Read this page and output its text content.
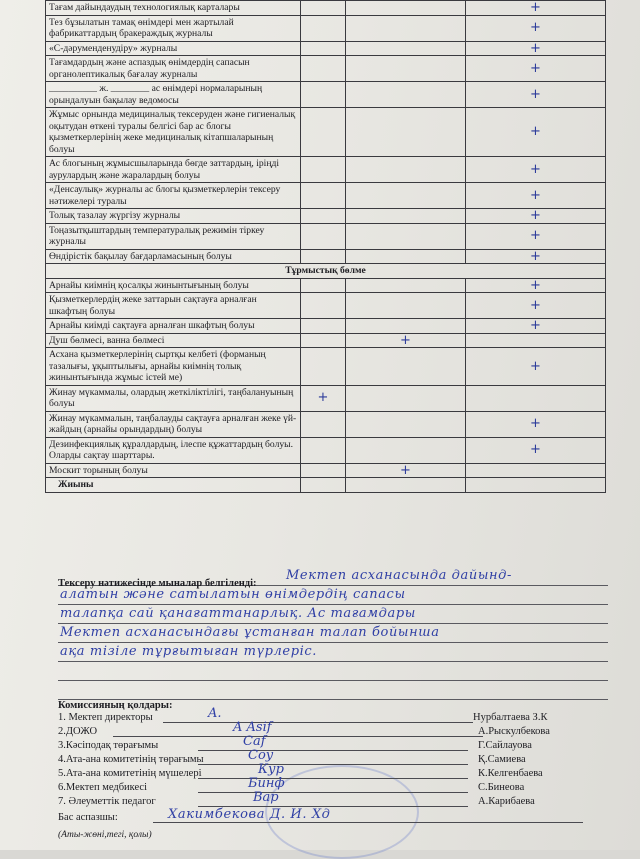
Тағам дайындаудың технологиялық карталары			+
Тез бұзылатын тамақ өнімдері мен жартылай фабрикаттардың бракераждық журналы			+
«С-дәруменденудіру» журналы			+
Тағамдардың және аспаздық өнімдердің сапасын органолептикалық бағалау журналы			+
__________ ж. ________ ас өнімдері нормаларының орындалуын бақылау ведомосы			+
Жұмыс орнында медициналық тексеруден және гигиеналық оқытудан өткені туралы белгісі бар ас блогы қызметкерлерінің жеке медициналық кітапшаларының болуы			+
Ас блогының жұмысшыларында бөгде заттардың, іріңді аурулардың және жаралардың болуы			+
«Денсаулық» журналы ас блогы қызметкерлерін тексеру нәтижелері туралы			+
Толық тазалау жүргізу журналы			+
Тоңазытқыштардың температуралық режимін тіркеу журналы			+
Өндірістік бақылау бағдарламасының болуы			+
Тұрмыстық бөлме			
Арнайы киімнің қосалқы жинынтығының болуы			+
Қызметкерлердің жеке заттарын сақтауға арналған шкафтың болуы			+
Арнайы киімді сақтауға арналған шкафтың болуы			+
Душ бөлмесі, ванна бөлмесі		+	
Асхана қызметкерлерінің сыртқы келбеті (форманың тазалығы, ұқыптылығы, арнайы киімнің толық жинынтығында жұмыс істей ме)			+
Жинау мүкаммалы, олардың жеткіліктілігі, таңбалануының болуы	+		
Жинау мүкаммалын, таңбалауды сақтауға арналған жеке үй-жайдың (арнайы орындардың) болуы			+
Дезинфекциялық құралдардың, ілеспе құжаттардың болуы. Оларды сақтау шарттары.			+
Москит торының болуы		+	
Жиыны			
Тексеру нәтижесінде мыналар белгіленді:
Мектеп асханасында дайынд-
алатын және сатылатын өнімдердің сапасы
талапқа сай қанағаттанарлық. Ас тағамдары
Мектеп асханасындағы ұстанған талап бойынша
ақа тізіле тұрғытыған түрлеріс.
Комиссияның қолдары:
1. Мектеп директоры	A.	Нурбалтаева З.К
2.ДОЖО	A Asif	А.Рыскулбекова
3.Кәсіподақ төрағымы	Caf	Г.Сайлауова
4.Ата-ана комитетінің төрағымы	Coy	Қ.Самиева
5.Ата-ана комитетінің мүшелері	Кур	К.Келгенбаева
6.Мектеп медбикесі	Бинф	С.Бинеова
7. Әлеуметтік педагог	Bap	А.Карибаева
Бас аспазшы:	Хакимбекова Д. И. Хд
(Аты-жөні,тегі, қолы)
